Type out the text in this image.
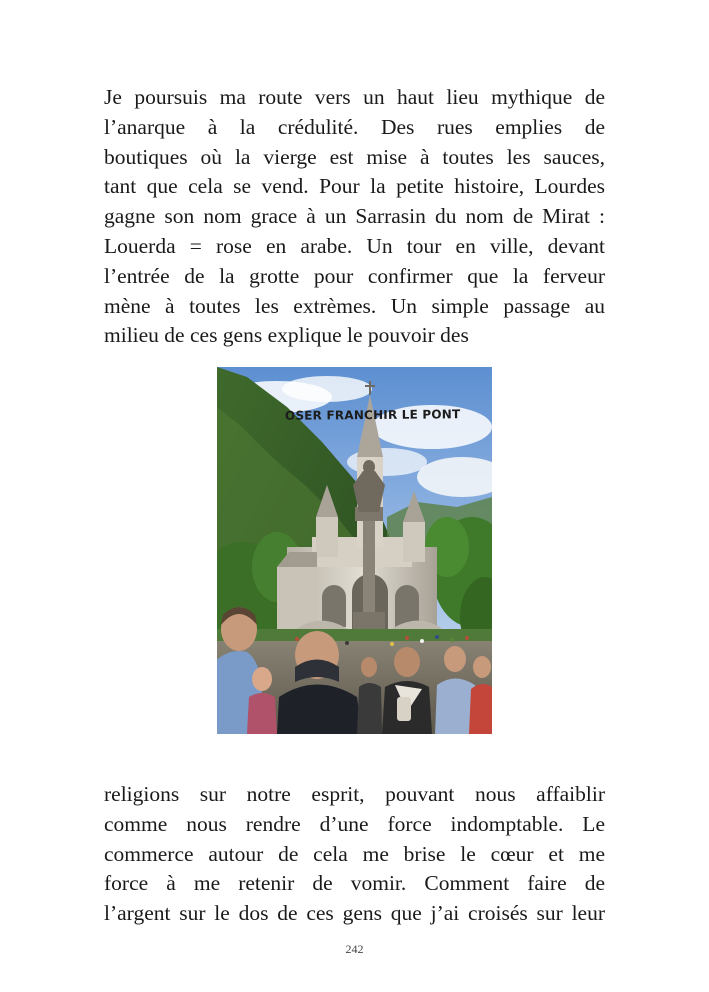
Je poursuis ma route vers un haut lieu mythique de
l’anarque à la crédulité. Des rues emplies de
boutiques où la vierge est mise à toutes les sauces,
tant que cela se vend. Pour la petite histoire, Lourdes
gagne son nom grace à un Sarrasin du nom de Mirat :
Louerda = rose en arabe. Un tour en ville, devant
l’entrée de la grotte pour confirmer que la ferveur
mène à toutes les extrèmes. Un simple passage au
milieu de ces gens explique le pouvoir des
OSER FRANCHIR LE PONT
religions sur notre esprit, pouvant nous affaiblir
comme nous rendre d’une force indomptable. Le
commerce autour de cela me brise le cœur et me
force à me retenir de vomir. Comment faire de
l’argent sur le dos de ces gens que j’ai croisés sur leur
242
